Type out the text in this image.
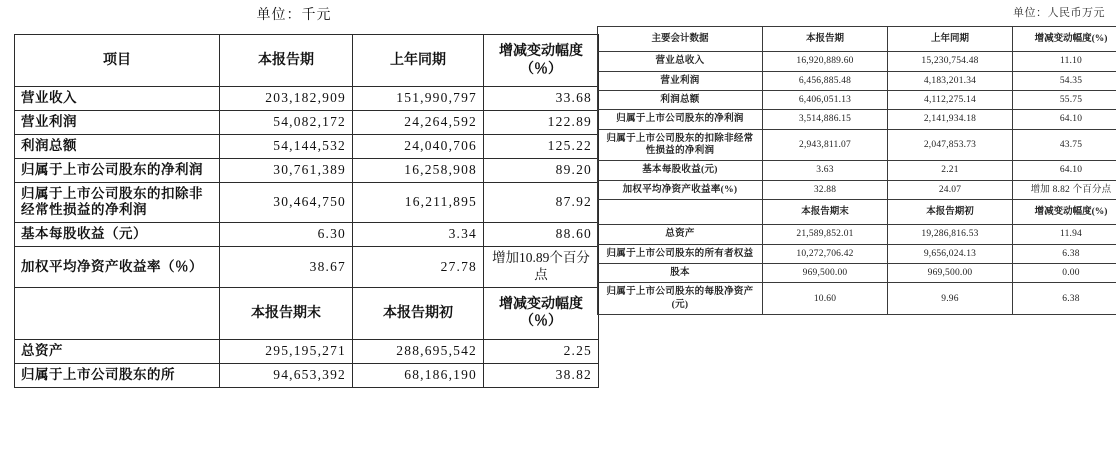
单位：千元
项目	本报告期	上年同期	增减变动幅度（％）
营业收入	203,182,909	151,990,797	33.68
营业利润	54,082,172	24,264,592	122.89
利润总额	54,144,532	24,040,706	125.22
归属于上市公司股东的净利润	30,761,389	16,258,908	89.20
归属于上市公司股东的扣除非经常性损益的净利润	30,464,750	16,211,895	87.92
基本每股收益（元）	6.30	3.34	88.60
加权平均净资产收益率（％）	38.67	27.78	增加10.89个百分点
	本报告期末	本报告期初	增减变动幅度（％）
总资产	295,195,271	288,695,542	2.25
归属于上市公司股东的所	94,653,392	68,186,190	38.82
单位：人民币万元
主要会计数据	本报告期	上年同期	增减变动幅度(%)
营业总收入	16,920,889.60	15,230,754.48	11.10
营业利润	6,456,885.48	4,183,201.34	54.35
利润总额	6,406,051.13	4,112,275.14	55.75
归属于上市公司股东的净利润	3,514,886.15	2,141,934.18	64.10
归属于上市公司股东的扣除非经常性损益的净利润	2,943,811.07	2,047,853.73	43.75
基本每股收益(元)	3.63	2.21	64.10
加权平均净资产收益率(%)	32.88	24.07	增加 8.82 个百分点
	本报告期末	本报告期初	增减变动幅度(%)
总资产	21,589,852.01	19,286,816.53	11.94
归属于上市公司股东的所有者权益	10,272,706.42	9,656,024.13	6.38
股本	969,500.00	969,500.00	0.00
归属于上市公司股东的每股净资产(元)	10.60	9.96	6.38
